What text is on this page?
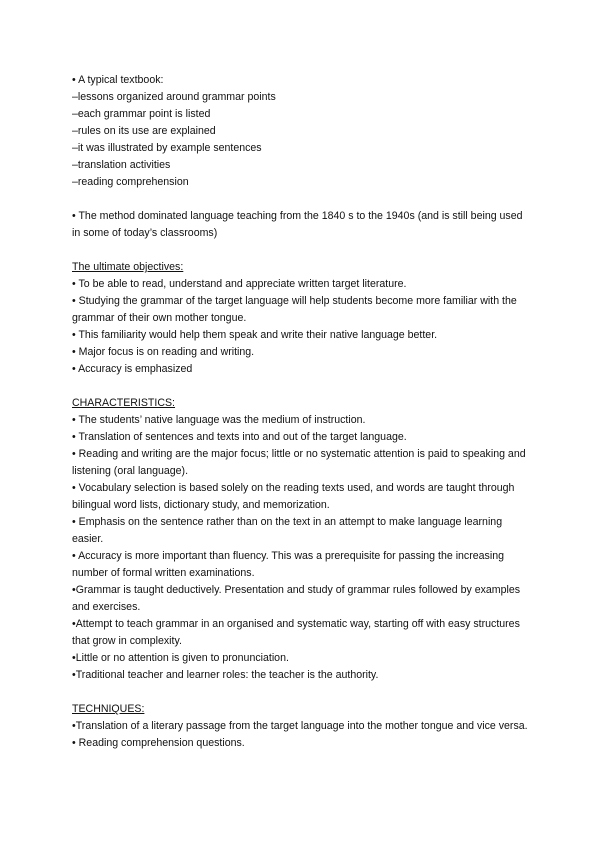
• A typical textbook:

–lessons organized around grammar points

–each grammar point is listed

–rules on its use are explained

–it was illustrated by example sentences

–translation activities

–reading comprehension

• The method dominated language teaching from the 1840 s to the 1940s (and is still being used in some of today’s classrooms)

The ultimate objectives:

• To be able to read, understand and appreciate written target literature.

• Studying the grammar of the target language will help students become more familiar with the grammar of their own mother tongue.

• This familiarity would help them speak and write their native language better.

• Major focus is on reading and writing.

• Accuracy is emphasized

CHARACTERISTICS:

• The students’ native language was the medium of instruction.

• Translation of sentences and texts into and out of the target language.

• Reading and writing are the major focus; little or no systematic attention is paid to speaking and listening (oral language).

• Vocabulary selection is based solely on the reading texts used, and words are taught through bilingual word lists, dictionary study, and memorization.

• Emphasis on the sentence rather than on the text in an attempt to make language learning easier.

• Accuracy is more important than fluency. This was a prerequisite for passing the increasing number of formal written examinations.

•Grammar is taught deductively. Presentation and study of grammar rules followed by examples and exercises.

•Attempt to teach grammar in an organised and systematic way, starting off with easy structures that grow in complexity.

•Little or no attention is given to pronunciation.

•Traditional teacher and learner roles: the teacher is the authority.

TECHNIQUES:

•Translation of a literary passage from the target language into the mother tongue and vice versa.

• Reading comprehension questions.
